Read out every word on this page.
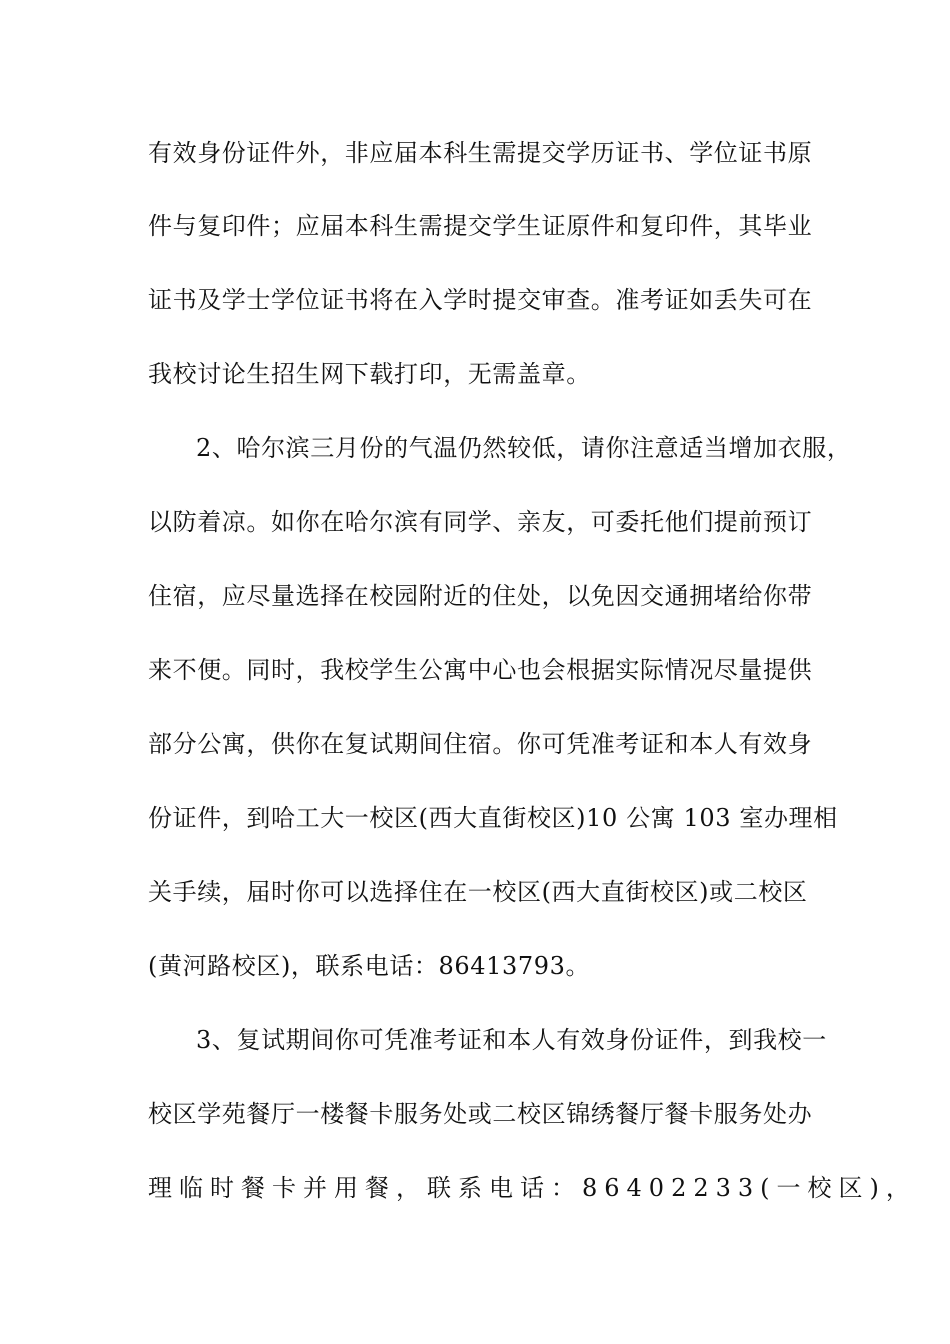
有效身份证件外，非应届本科生需提交学历证书、学位证书原
件与复印件；应届本科生需提交学生证原件和复印件，其毕业
证书及学士学位证书将在入学时提交审查。准考证如丢失可在
我校讨论生招生网下载打印，无需盖章。
2、哈尔滨三月份的气温仍然较低，请你注意适当增加衣服，
以防着凉。如你在哈尔滨有同学、亲友，可委托他们提前预订
住宿，应尽量选择在校园附近的住处，以免因交通拥堵给你带
来不便。同时，我校学生公寓中心也会根据实际情况尽量提供
部分公寓，供你在复试期间住宿。你可凭准考证和本人有效身
份证件，到哈工大一校区(西大直街校区)10 公寓 103 室办理相
关手续，届时你可以选择住在一校区(西大直街校区)或二校区
(黄河路校区)，联系电话：86413793。
3、复试期间你可凭准考证和本人有效身份证件，到我校一
校区学苑餐厅一楼餐卡服务处或二校区锦绣餐厅餐卡服务处办
理临时餐卡并用餐，联系电话：86402233(一校区)，
